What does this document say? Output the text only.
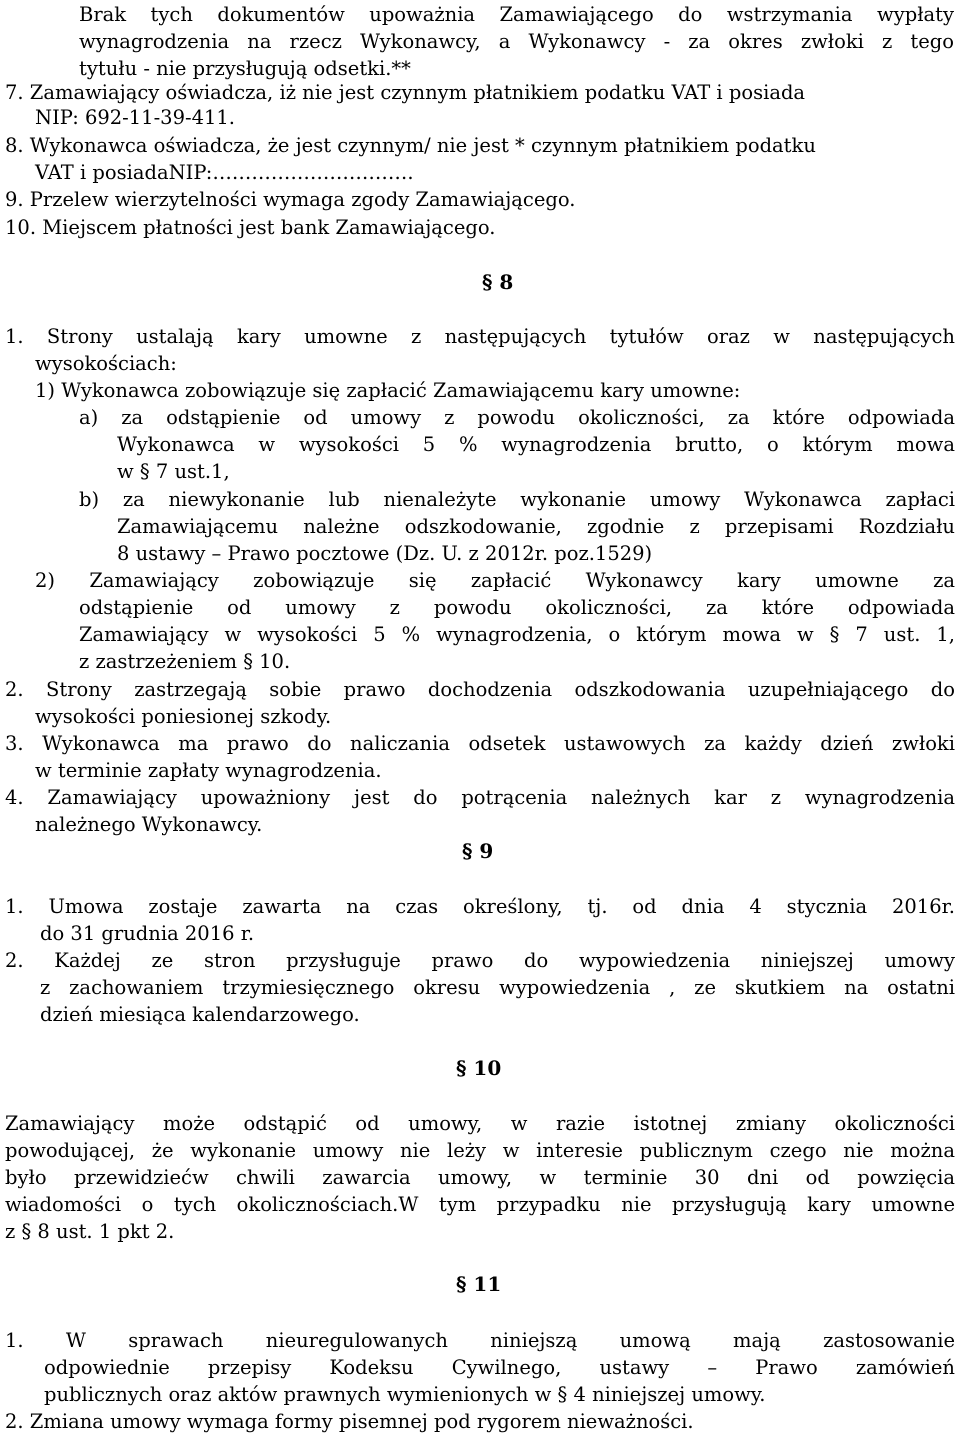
Brak tych dokumentów upoważnia Zamawiającego do wstrzymania wypłaty
wynagrodzenia na rzecz Wykonawcy, a Wykonawcy - za okres zwłoki z tego
tytułu - nie przysługują odsetki.**
7. Zamawiający oświadcza, iż nie jest czynnym płatnikiem podatku VAT i posiada
NIP: 692-11-39-411.
8. Wykonawca oświadcza, że jest czynnym/ nie jest * czynnym płatnikiem podatku
VAT i posiadaNIP:………………………….
9. Przelew wierzytelności wymaga zgody Zamawiającego.
10. Miejscem płatności jest bank Zamawiającego.
1. Strony ustalają kary umowne z następujących tytułów oraz w następujących
wysokościach:
1) Wykonawca zobowiązuje się zapłacić Zamawiającemu kary umowne:
a) za odstąpienie od umowy z powodu okoliczności, za które odpowiada
Wykonawca w wysokości 5 % wynagrodzenia brutto, o którym mowa
w § 7 ust.1,
b) za niewykonanie lub nienależyte wykonanie umowy Wykonawca zapłaci
Zamawiającemu należne odszkodowanie, zgodnie z przepisami Rozdziału
8 ustawy – Prawo pocztowe (Dz. U. z 2012r. poz.1529)
2) Zamawiający zobowiązuje się zapłacić Wykonawcy kary umowne za
odstąpienie od umowy z powodu okoliczności, za które odpowiada
Zamawiający w wysokości 5 % wynagrodzenia, o którym mowa w § 7 ust. 1,
z zastrzeżeniem § 10.
2. Strony zastrzegają sobie prawo dochodzenia odszkodowania uzupełniającego do
wysokości poniesionej szkody.
3. Wykonawca ma prawo do naliczania odsetek ustawowych za każdy dzień zwłoki
w terminie zapłaty wynagrodzenia.
4. Zamawiający upoważniony jest do potrącenia należnych kar z wynagrodzenia
należnego Wykonawcy.
1. Umowa zostaje zawarta na czas określony, tj. od dnia 4 stycznia 2016r.
do 31 grudnia 2016 r.
2. Każdej ze stron przysługuje prawo do wypowiedzenia niniejszej umowy
z zachowaniem trzymiesięcznego okresu wypowiedzenia , ze skutkiem na ostatni
dzień miesiąca kalendarzowego.
Zamawiający może odstąpić od umowy, w razie istotnej zmiany okoliczności
powodującej, że wykonanie umowy nie leży w interesie publicznym czego nie można
było przewidziećw chwili zawarcia umowy, w terminie 30 dni od powzięcia
wiadomości o tych okolicznościach.W tym przypadku nie przysługują kary umowne
z § 8 ust. 1 pkt 2.
1. W sprawach nieuregulowanych niniejszą umową mają zastosowanie
odpowiednie przepisy Kodeksu Cywilnego, ustawy – Prawo zamówień
publicznych oraz aktów prawnych wymienionych w § 4 niniejszej umowy.
2. Zmiana umowy wymaga formy pisemnej pod rygorem nieważności.
§ 8
§ 9
§ 10
§ 11
